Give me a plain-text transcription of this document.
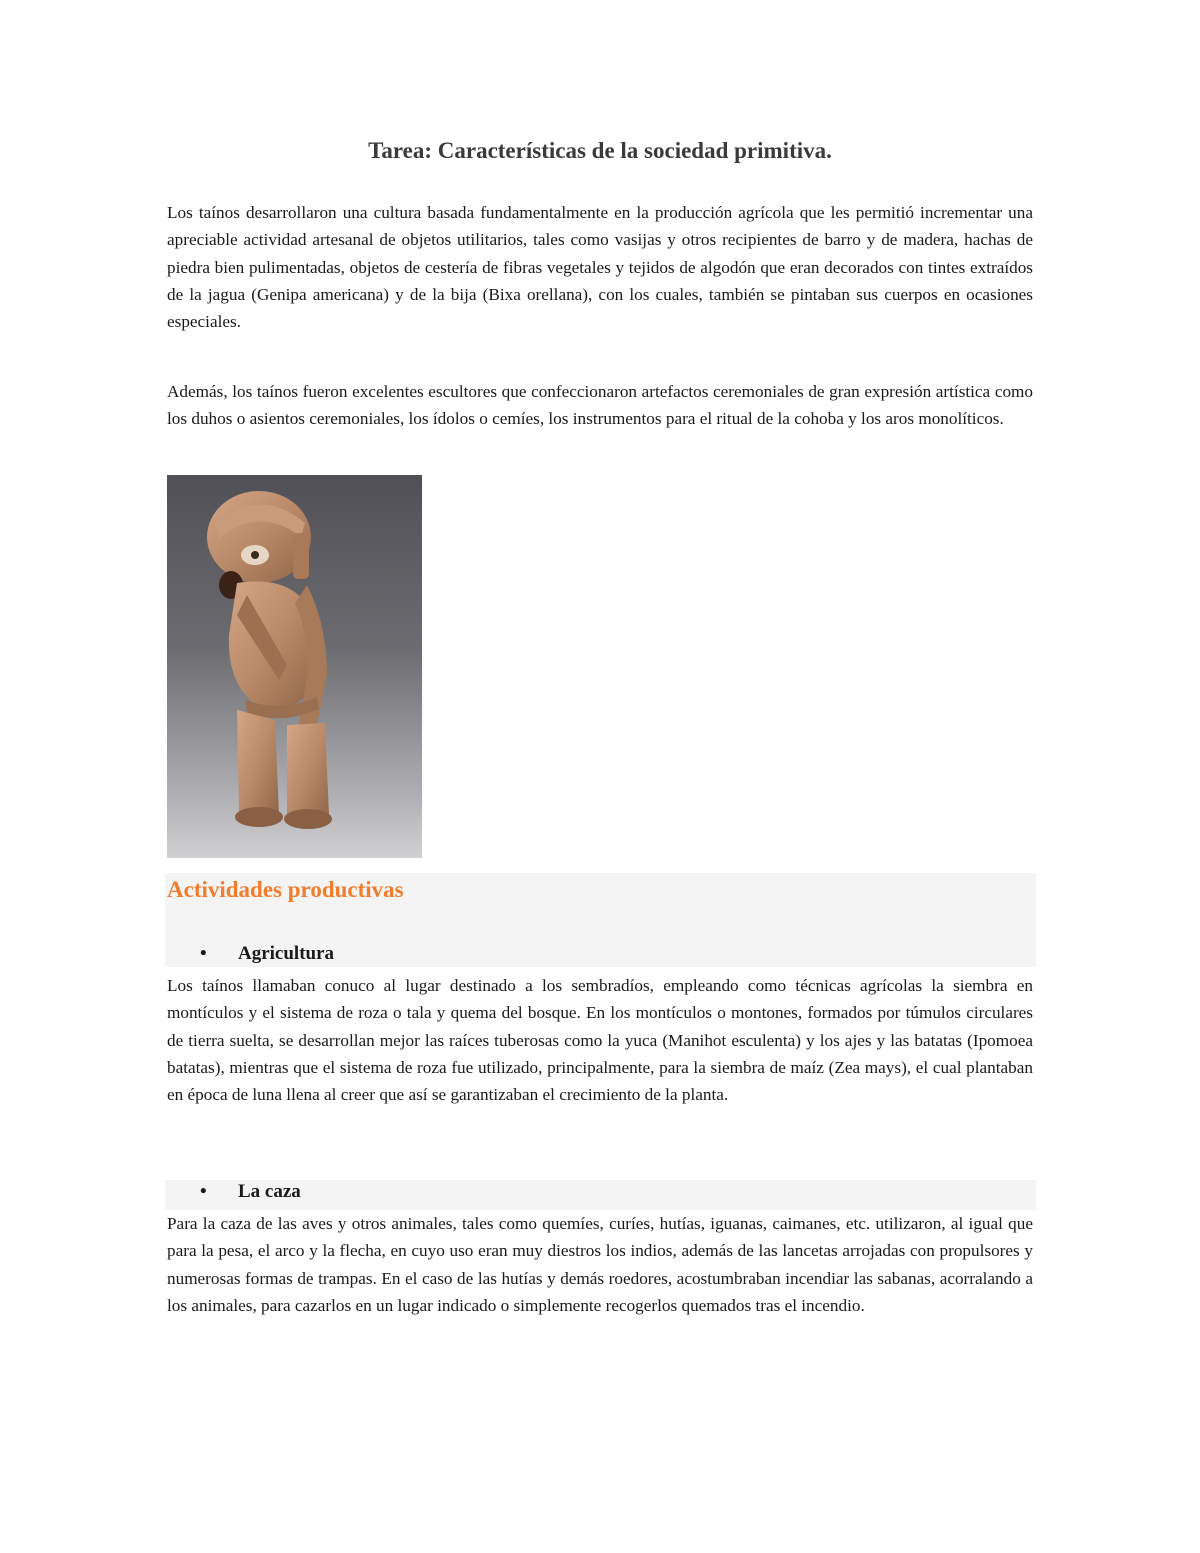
Tarea: Características de la sociedad primitiva.

Los taínos desarrollaron una cultura basada fundamentalmente en la producción agrícola que les permitió incrementar una apreciable actividad artesanal de objetos utilitarios, tales como vasijas y otros recipientes de barro y de madera, hachas de piedra bien pulimentadas, objetos de cestería de fibras vegetales y tejidos de algodón que eran decorados con tintes extraídos de la jagua (Genipa americana) y de la bija (Bixa orellana), con los cuales, también se pintaban sus cuerpos en ocasiones especiales.

Además, los taínos fueron excelentes escultores que confeccionaron artefactos ceremoniales de gran expresión artística como los duhos o asientos ceremoniales, los ídolos o cemíes, los instrumentos para el ritual de la cohoba y los aros monolíticos.

Actividades productivas
• Agricultura

Los taínos llamaban conuco al lugar destinado a los sembradíos, empleando como técnicas agrícolas la siembra en montículos y el sistema de roza o tala y quema del bosque. En los montículos o montones, formados por túmulos circulares de tierra suelta, se desarrollan mejor las raíces tuberosas como la yuca (Manihot esculenta) y los ajes y las batatas (Ipomoea batatas), mientras que el sistema de roza fue utilizado, principalmente, para la siembra de maíz (Zea mays), el cual plantaban en época de luna llena al creer que así se garantizaban el crecimiento de la planta.

• La caza

Para la caza de las aves y otros animales, tales como quemíes, curíes, hutías, iguanas, caimanes, etc. utilizaron, al igual que para la pesa, el arco y la flecha, en cuyo uso eran muy diestros los indios, además de las lancetas arrojadas con propulsores y numerosas formas de trampas. En el caso de las hutías y demás roedores, acostumbraban incendiar las sabanas, acorralando a los animales, para cazarlos en un lugar indicado o simplemente recogerlos quemados tras el incendio.
